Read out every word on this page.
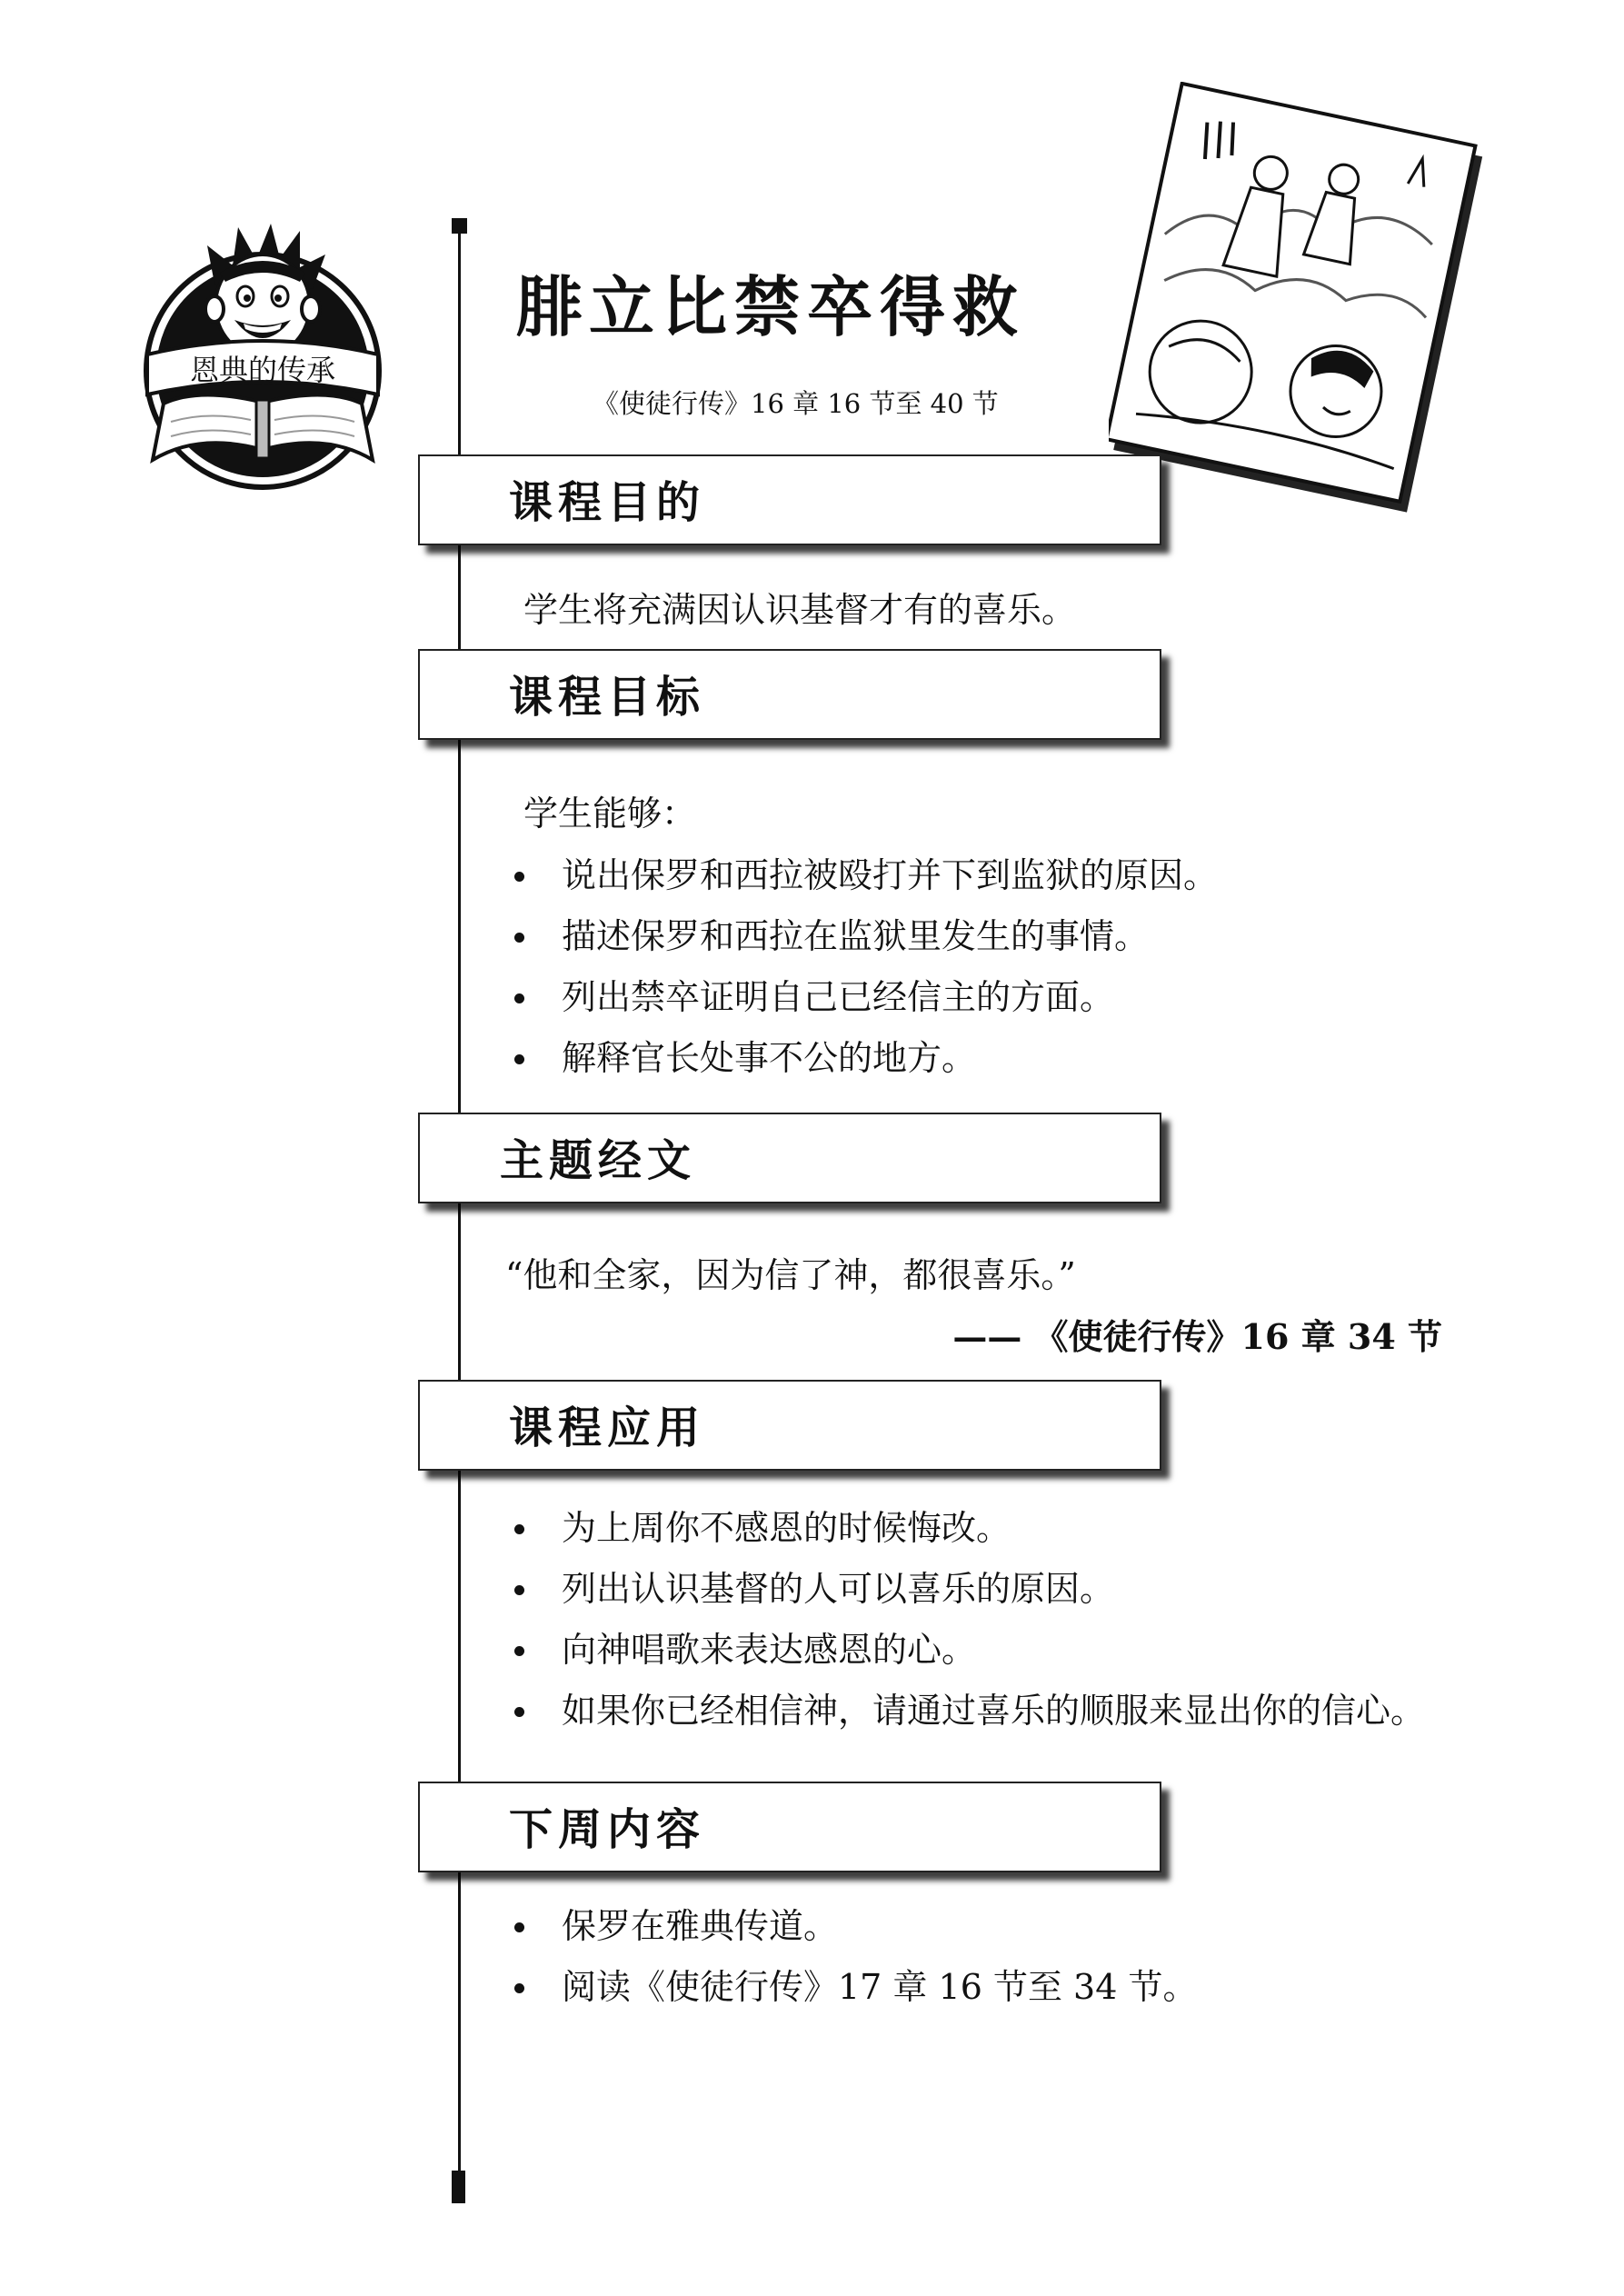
恩典的传承
腓立比禁卒得救
《使徒行传》16 章 16 节至 40 节
课程目的
学生将充满因认识基督才有的喜乐。
课程目标
学生能够：
说出保罗和西拉被殴打并下到监狱的原因。
描述保罗和西拉在监狱里发生的事情。
列出禁卒证明自己已经信主的方面。
解释官长处事不公的地方。
主题经文
“他和全家，因为信了神，都很喜乐。”
—— 《使徒行传》16 章 34 节
课程应用
为上周你不感恩的时候悔改。
列出认识基督的人可以喜乐的原因。
向神唱歌来表达感恩的心。
如果你已经相信神，请通过喜乐的顺服来显出你的信心。
下周内容
保罗在雅典传道。
阅读《使徒行传》17 章 16 节至 34 节。
